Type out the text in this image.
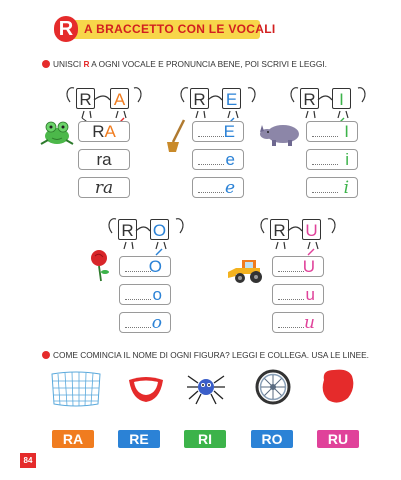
R A BRACCETTO CON LE VOCALI
UNISCI R A OGNI VOCALE E PRONUNCIA BENE, POI SCRIVI E LEGGI.
R A
RA
ra
ra
R E
E
e
e
R	I
I
i
i
R O
O
o
o
R U
U
u
u
COME COMINCIA IL NOME DI OGNI FIGURA? LEGGI E COLLEGA. USA LE LINEE.
RA	RE	RI	RO	RU
84
